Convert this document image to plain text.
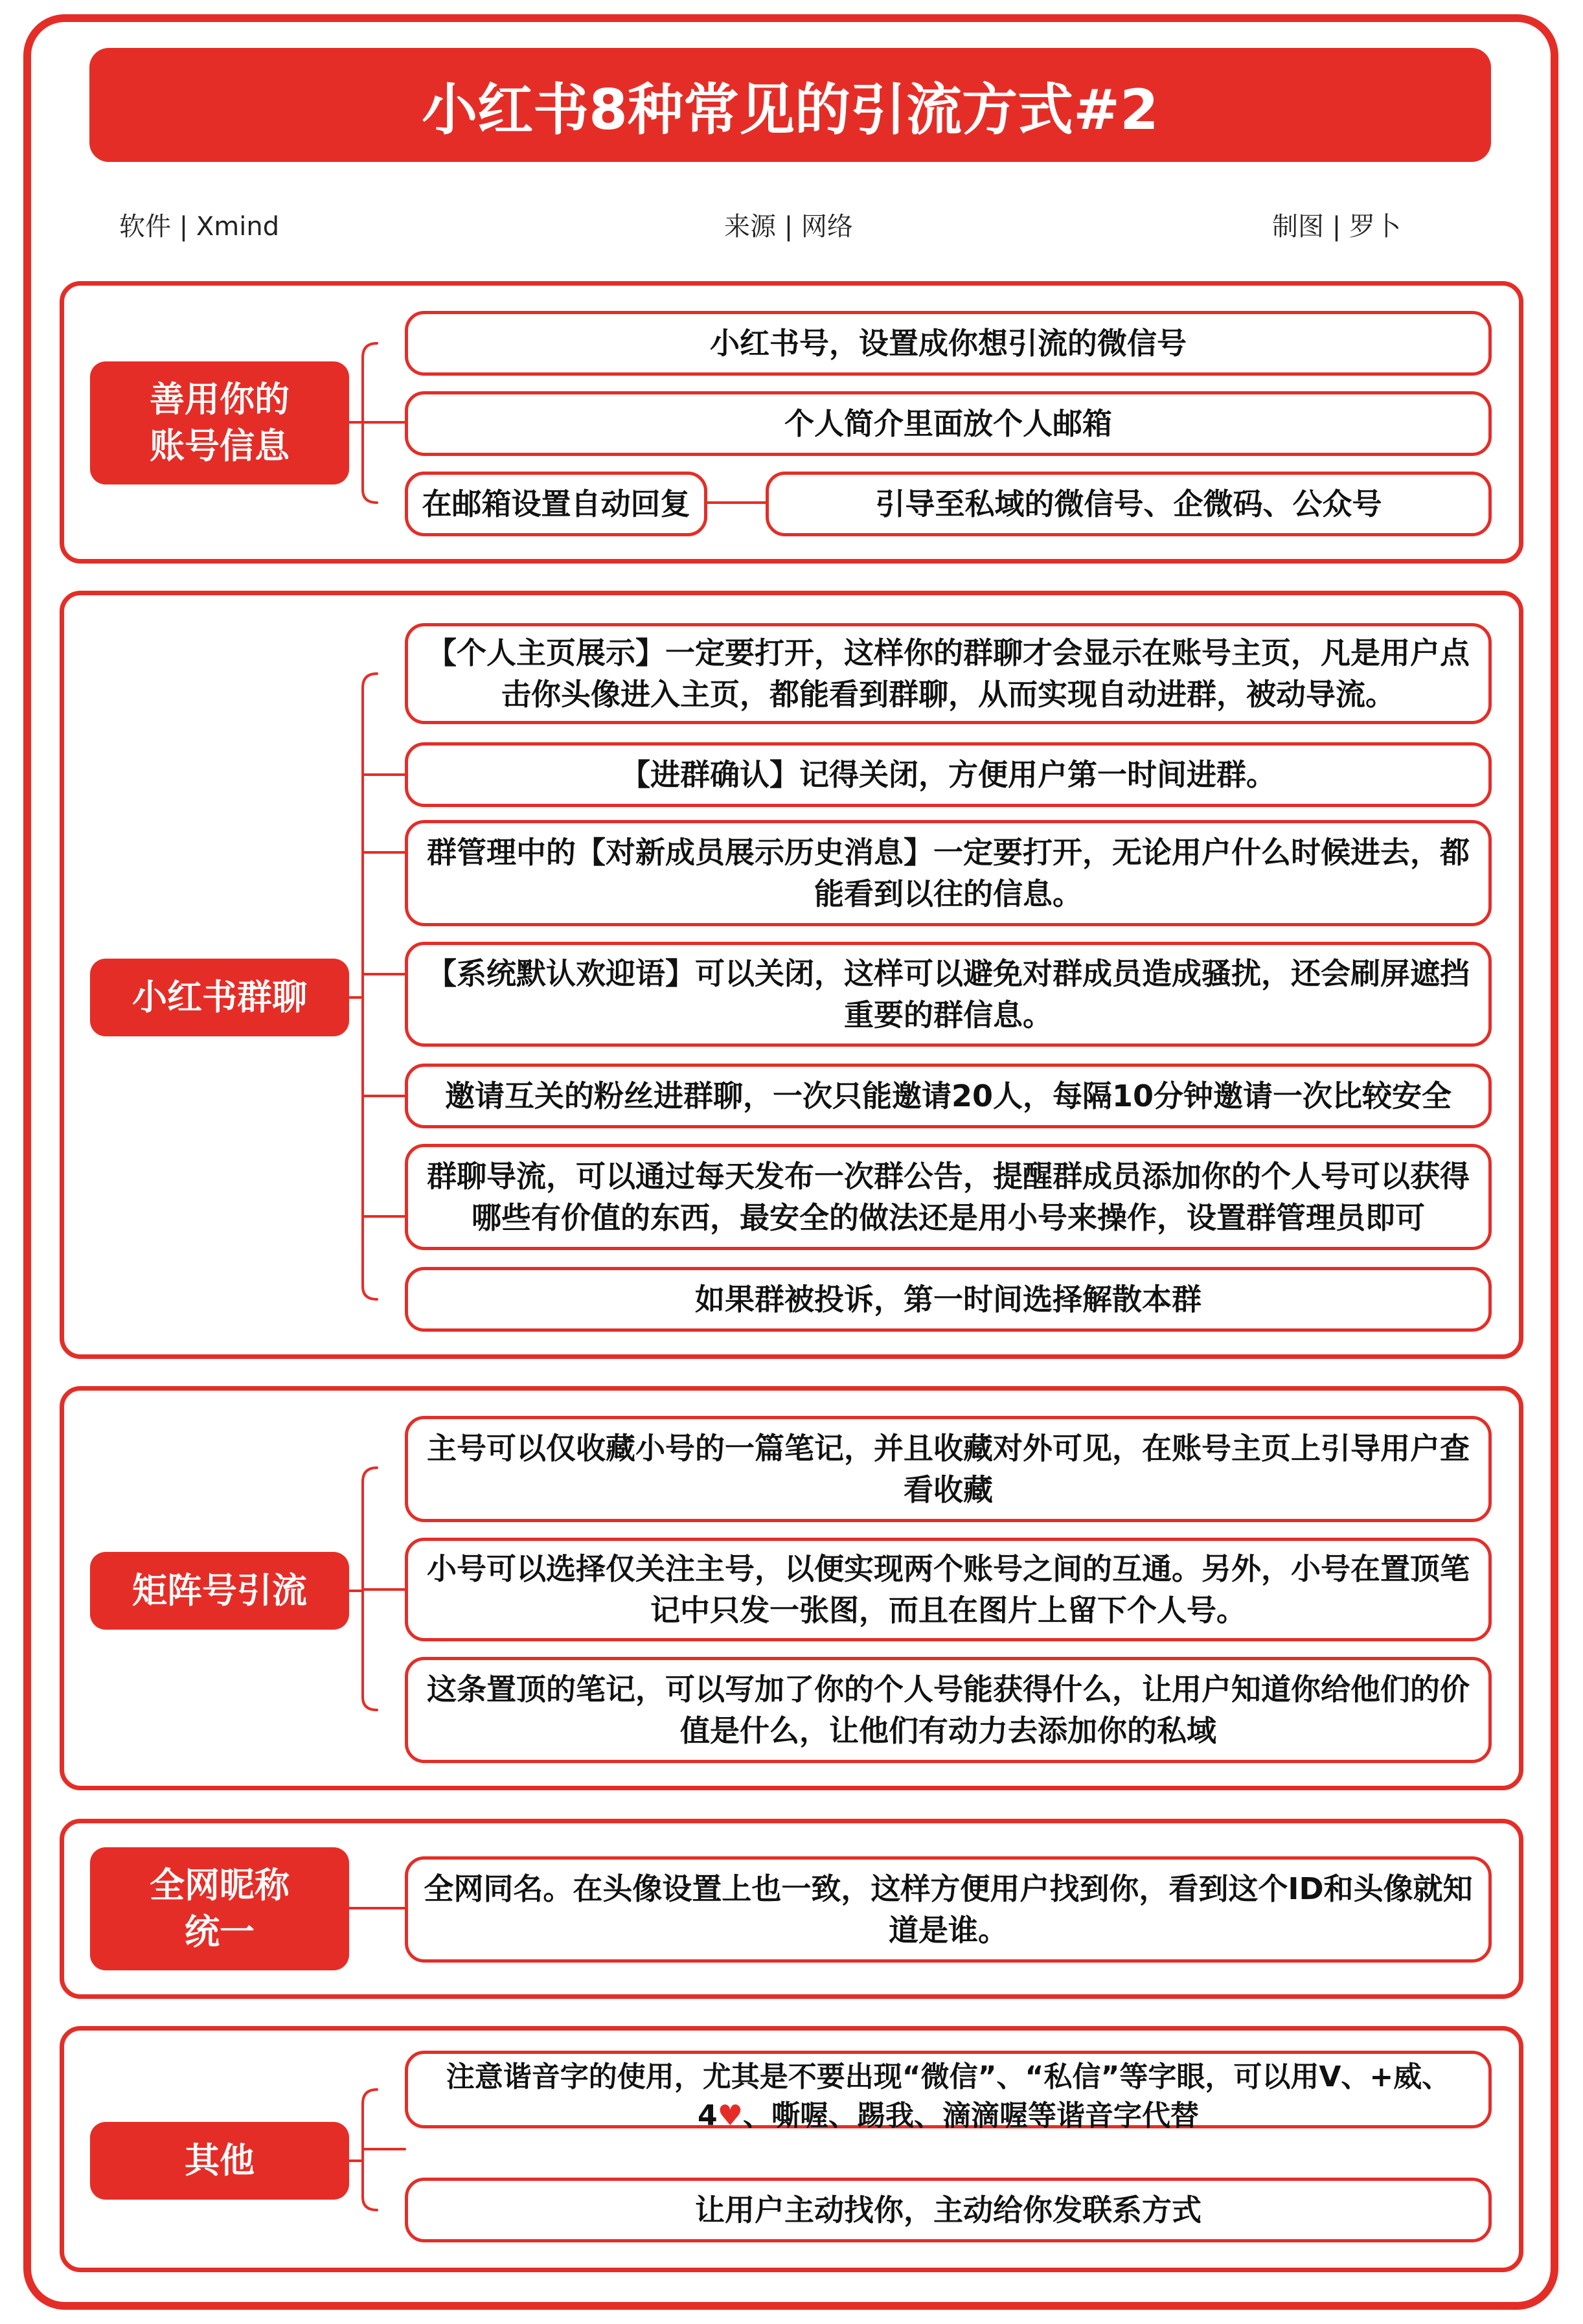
小红书8种常见的引流方式#2
软件 | Xmind	来源 | 网络	制图 | 罗卜
善用你的
账号信息
小红书号，设置成你想引流的微信号
个人简介里面放个人邮箱
在邮箱设置自动回复	引导至私域的微信号、企微码、公众号
小红书群聊
【个人主页展示】一定要打开，这样你的群聊才会显示在账号主页，凡是用户点击你头像进入主页，都能看到群聊，从而实现自动进群，被动导流。
【进群确认】记得关闭，方便用户第一时间进群。
群管理中的【对新成员展示历史消息】一定要打开，无论用户什么时候进去，都能看到以往的信息。
【系统默认欢迎语】可以关闭，这样可以避免对群成员造成骚扰，还会刷屏遮挡重要的群信息。
邀请互关的粉丝进群聊，一次只能邀请20人，每隔10分钟邀请一次比较安全
群聊导流，可以通过每天发布一次群公告，提醒群成员添加你的个人号可以获得哪些有价值的东西，最安全的做法还是用小号来操作，设置群管理员即可
如果群被投诉，第一时间选择解散本群
矩阵号引流
主号可以仅收藏小号的一篇笔记，并且收藏对外可见，在账号主页上引导用户查看收藏
小号可以选择仅关注主号，以便实现两个账号之间的互通。另外，小号在置顶笔记中只发一张图，而且在图片上留下个人号。
这条置顶的笔记，可以写加了你的个人号能获得什么，让用户知道你给他们的价值是什么，让他们有动力去添加你的私域
全网昵称
统一
全网同名。在头像设置上也一致，这样方便用户找到你，看到这个ID和头像就知道是谁。
其他
注意谐音字的使用，尤其是不要出现“微信”、“私信”等字眼，可以用V、+威、4♥、嘶喔、踢我、滴滴喔等谐音字代替
让用户主动找你，主动给你发联系方式
